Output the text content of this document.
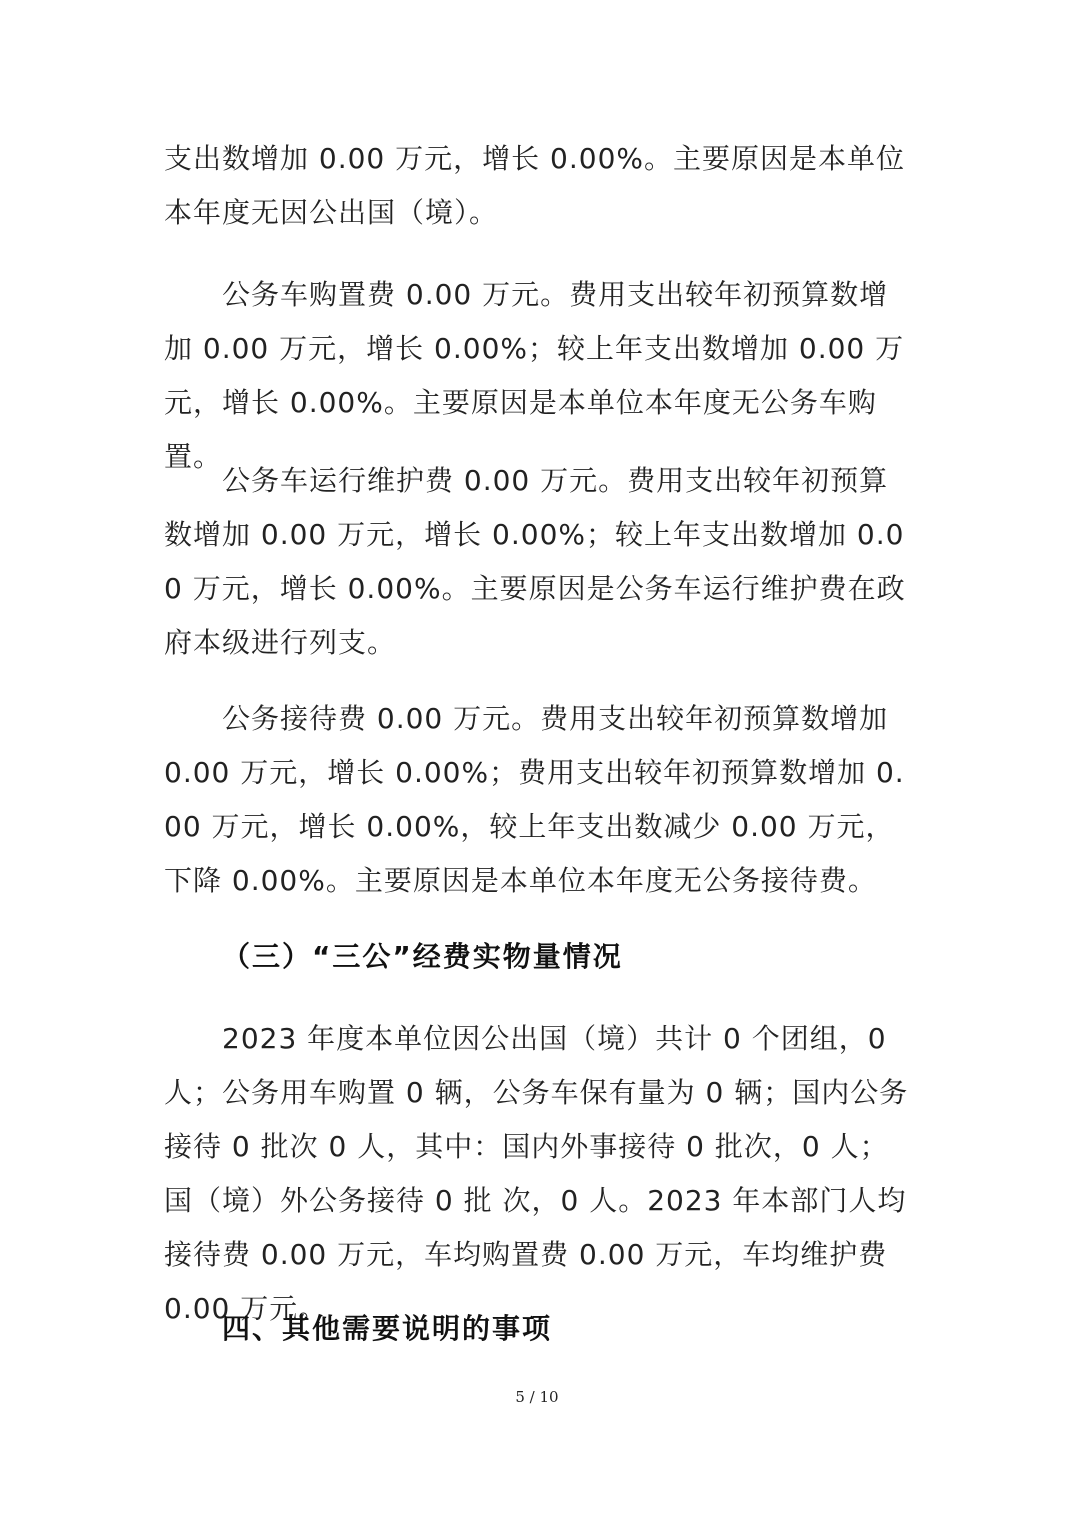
支出数增加 0.00 万元，增长 0.00%。主要原因是本单位本年度无因公出国（境）。

公务车购置费 0.00 万元。费用支出较年初预算数增加 0.00 万元，增长 0.00%；较上年支出数增加 0.00 万元，增长 0.00%。主要原因是本单位本年度无公务车购置。

公务车运行维护费 0.00 万元。费用支出较年初预算数增加 0.00 万元，增长 0.00%；较上年支出数增加 0.00 万元，增长 0.00%。主要原因是公务车运行维护费在政府本级进行列支。

公务接待费 0.00 万元。费用支出较年初预算数增加 0.00 万元，增长 0.00%；费用支出较年初预算数增加 0.00 万元，增长 0.00%，较上年支出数减少 0.00 万元，下降 0.00%。主要原因是本单位本年度无公务接待费。

（三）“三公”经费实物量情况

2023 年度本单位因公出国（境）共计 0 个团组，0 人；公务用车购置 0 辆，公务车保有量为 0 辆；国内公务接待 0 批次 0 人，其中：国内外事接待 0 批次，0 人；国（境）外公务接待 0 批 次，0 人。2023 年本部门人均接待费 0.00 万元，车均购置费 0.00 万元，车均维护费 0.00 万元。

四、其他需要说明的事项
5 / 10
